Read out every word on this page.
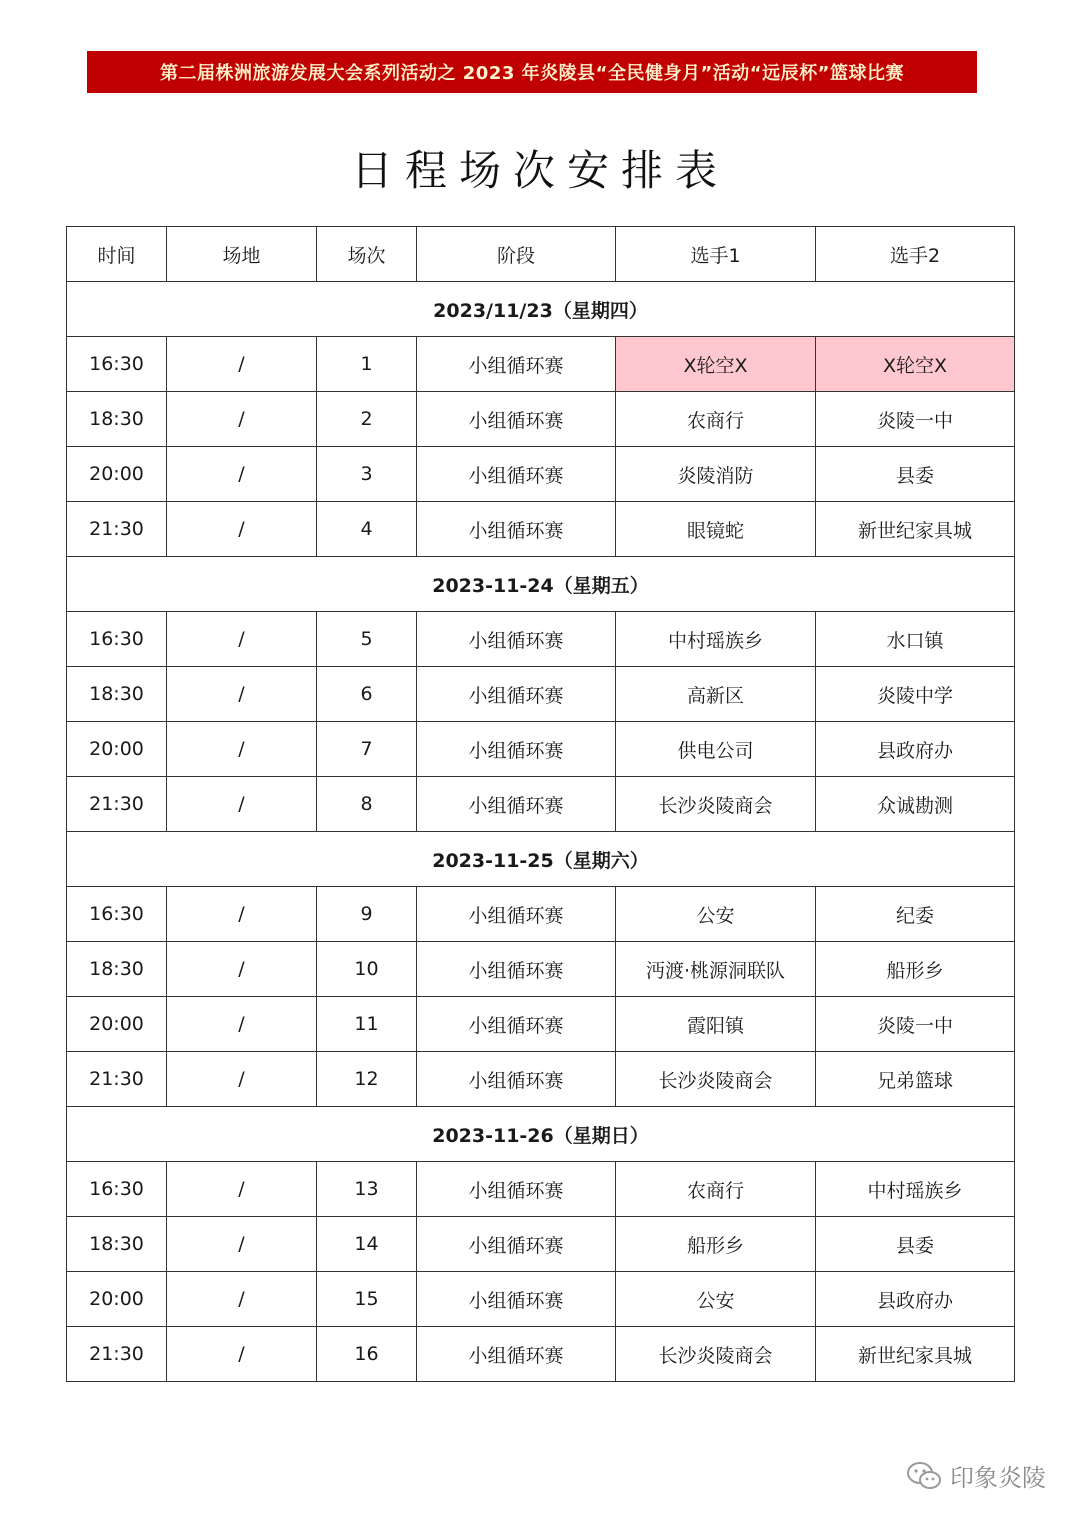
第二届株洲旅游发展大会系列活动之 2023 年炎陵县“全民健身月”活动“远辰杯”篮球比赛
日程场次安排表
时间	场地	场次	阶段	选手1	选手2
2023/11/23（星期四）					
16:30	/	1	小组循环赛	X轮空X	X轮空X
18:30	/	2	小组循环赛	农商行	炎陵一中
20:00	/	3	小组循环赛	炎陵消防	县委
21:30	/	4	小组循环赛	眼镜蛇	新世纪家具城
2023-11-24（星期五）					
16:30	/	5	小组循环赛	中村瑶族乡	水口镇
18:30	/	6	小组循环赛	高新区	炎陵中学
20:00	/	7	小组循环赛	供电公司	县政府办
21:30	/	8	小组循环赛	长沙炎陵商会	众诚勘测
2023-11-25（星期六）					
16:30	/	9	小组循环赛	公安	纪委
18:30	/	10	小组循环赛	沔渡·桃源洞联队	船形乡
20:00	/	11	小组循环赛	霞阳镇	炎陵一中
21:30	/	12	小组循环赛	长沙炎陵商会	兄弟篮球
2023-11-26（星期日）					
16:30	/	13	小组循环赛	农商行	中村瑶族乡
18:30	/	14	小组循环赛	船形乡	县委
20:00	/	15	小组循环赛	公安	县政府办
21:30	/	16	小组循环赛	长沙炎陵商会	新世纪家具城
印象炎陵
